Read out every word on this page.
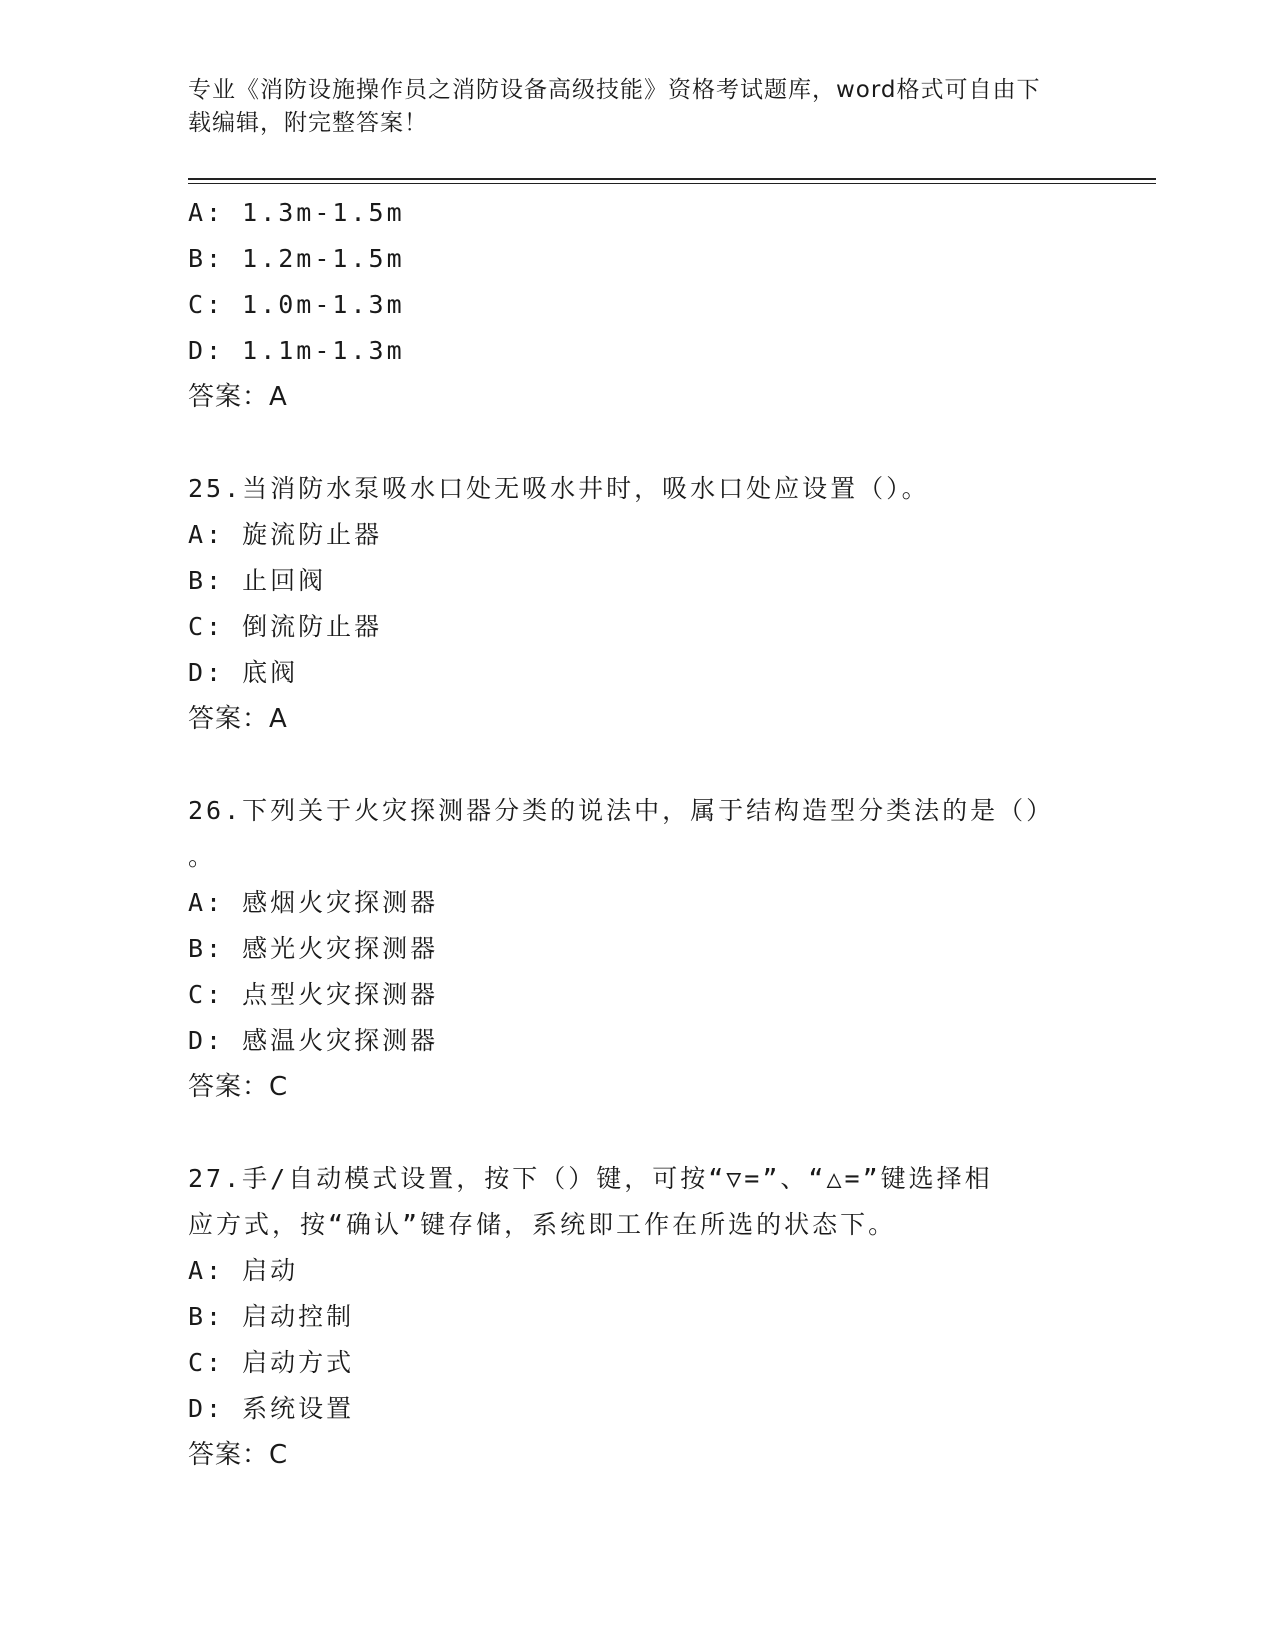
专业《消防设施操作员之消防设备高级技能》资格考试题库，word格式可自由下
载编辑，附完整答案！
A: 1.3m-1.5m
B: 1.2m-1.5m
C: 1.0m-1.3m
D: 1.1m-1.3m
答案：A
25.当消防水泵吸水口处无吸水井时，吸水口处应设置（）。
A: 旋流防止器
B: 止回阀
C: 倒流防止器
D: 底阀
答案：A
26.下列关于火灾探测器分类的说法中，属于结构造型分类法的是（）
。
A: 感烟火灾探测器
B: 感光火灾探测器
C: 点型火灾探测器
D: 感温火灾探测器
答案：C
27.手/自动模式设置，按下（）键，可按“▽=”、“△=”键选择相
应方式，按“确认”键存储，系统即工作在所选的状态下。
A: 启动
B: 启动控制
C: 启动方式
D: 系统设置
答案：C
